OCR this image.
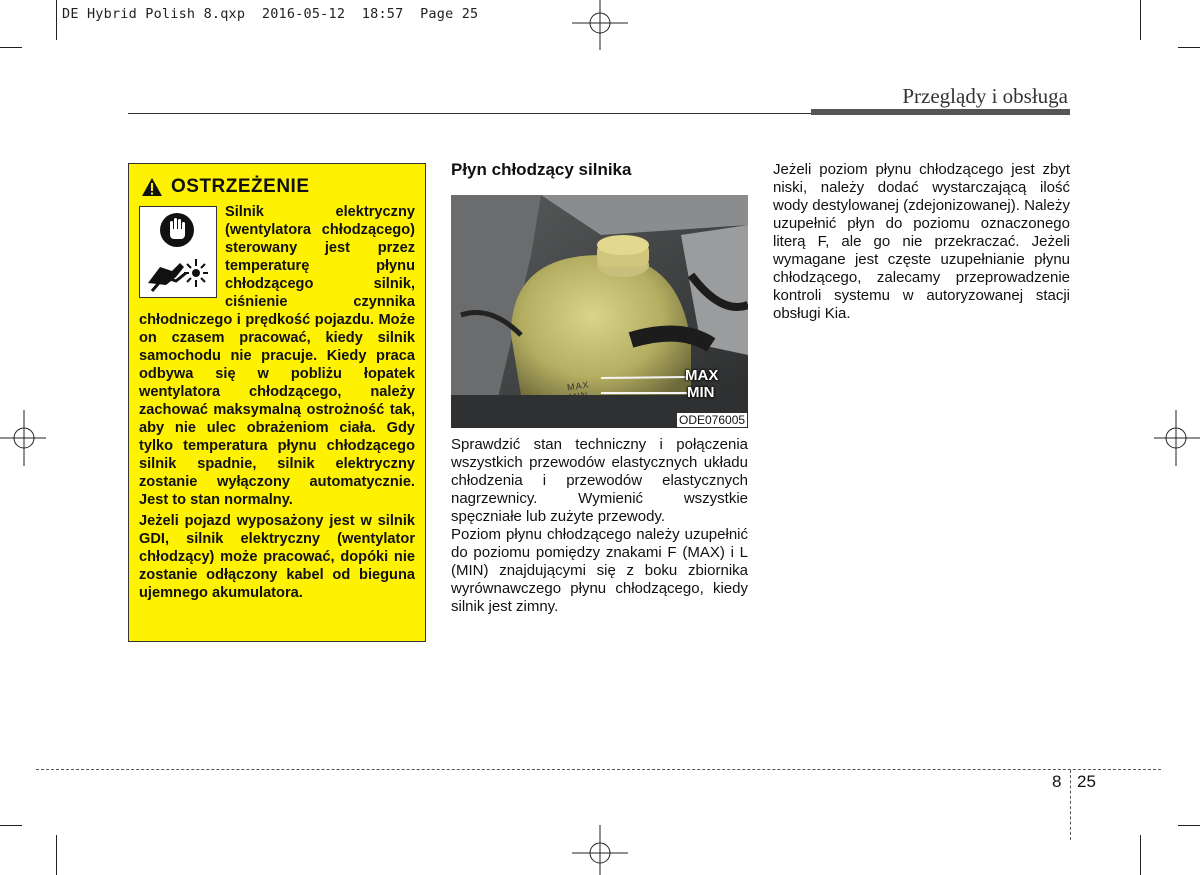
DE Hybrid Polish 8.qxp  2016-05-12  18:57  Page 25
Przeglądy i obsługa
OSTRZEŻENIE

Silnik elektryczny (wentylatora chłodzącego) sterowany jest przez temperaturę płynu chłodzącego silnik, ciśnienie czynnika chłodniczego i prędkość pojazdu. Może on czasem pracować, kiedy silnik samochodu nie pracuje. Kiedy praca odbywa się w pobliżu łopatek wentylatora chłodzącego, należy zachować maksymalną ostrożność tak, aby nie ulec obrażeniom ciała. Gdy tylko temperatura płynu chłodzącego silnik spadnie, silnik elektryczny zostanie wyłączony automatycznie. Jest to stan normalny.

Jeżeli pojazd wyposażony jest w silnik GDI, silnik elektryczny (wentylator chłodzący) może pracować, dopóki nie zostanie odłączony kabel od bieguna ujemnego akumulatora.

Płyn chłodzący silnika
MAX
MIN
MAX
MIN
ODE076005

Sprawdzić stan techniczny i połączenia wszystkich przewodów elastycznych układu chłodzenia i przewodów elastycznych nagrzewnicy. Wymienić wszystkie spęczniałe lub zużyte przewody.

Poziom płynu chłodzącego należy uzupełnić do poziomu pomiędzy znakami F (MAX) i L (MIN) znajdującymi się z boku zbiornika wyrównawczego płynu chłodzącego, kiedy silnik jest zimny.

Jeżeli poziom płynu chłodzącego jest zbyt niski, należy dodać wystarczającą ilość wody destylowanej (zdejonizowanej). Należy uzupełnić płyn do poziomu oznaczonego literą F, ale go nie przekraczać. Jeżeli wymagane jest częste uzupełnianie płynu chłodzącego, zalecamy przeprowadzenie kontroli systemu w autoryzowanej stacji obsługi Kia.
8 25
